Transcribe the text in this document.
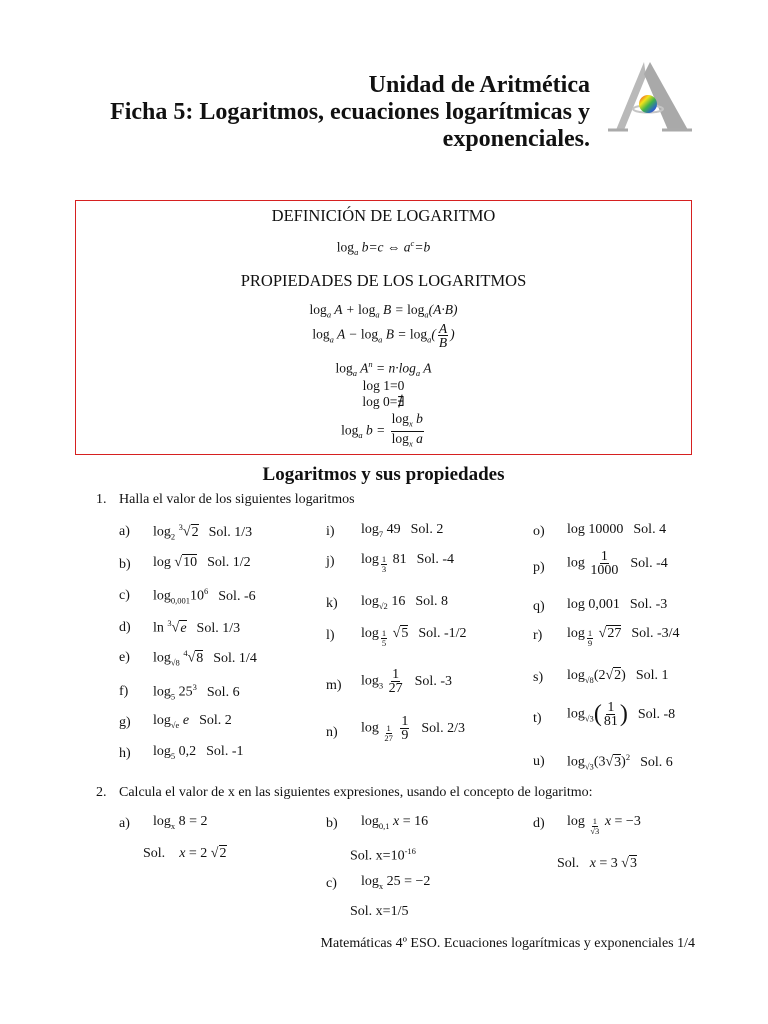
Unidad de Aritmética
Ficha 5: Logaritmos, ecuaciones logarítmicas y
exponenciales.
DEFINICIÓN DE LOGARITMO
$\log_a b=c$ ⇔ $a^c=b$
PROPIEDADES DE LOS LOGARITMOS
$\log_a A + \log_a B = \log_a(A\cdot B)$
$\log_a A - \log_a B = \log_a( \frac{A}{B}$ )
$\log_a A^n = n\cdot\log_a$ A
log 1=0
log 0=∄
$\log_a b = \frac{\log_x b}{\log_x a}$
Logaritmos y sus propiedades
1. Halla el valor de los siguientes logaritmos
a) $\log_2 ^3√2$ Sol. 1/3
b) log √10 Sol. 1/2
c) $\log_{0,001}10^6$ Sol. -6
d) ln $^3$√e Sol. 1/3
e) $\log_{√8} ^4√8$ Sol. 1/4
f) $\log_5 25^3$ Sol. 6
g) $\log_{√e} e$ Sol. 2
h) $\log_5 0,2$ Sol. -1
i) $\log_7 49$ Sol. 2
j) log $_{\frac{1}{3}}$ 81 Sol. -4
k) $\log_{√2} 16$ Sol. 8
l) log $_{\frac{1}{5}}$ √5 Sol. -1/2
m) $\log_3 \frac{1}{27}$ Sol. -3
n) log $_{\frac{1}{27}}$
$\frac{1}{9}$ Sol. 2/3
o) log 10000 Sol. 4
p) $\log \frac{1}{1000}$ Sol. -4
q) log 0,001 Sol. -3
r) log $_{\frac{1}{9}}$ √27 Sol. -3/4
s) $\log_{√8}(2√2)$ Sol. 1
t) $\log_{√3}( \frac{1}{81}$ ) Sol. -8
u) $\log_{√3}(3√3)^2$ Sol. 6
2. Calcula el valor de x en las siguientes expresiones, usando el concepto de logaritmo:
a) $\log_x 8 = 2$
Sol. x = 2 √2
b) $\log_{0,1} x = 16$
Sol. $x=10^{-16}$
c) $\log_x 25 = -2$
Sol. x=1/5
d) log $_{\frac{1}{√3}}$ x = −3
Sol. x = 3 √3
Matemáticas 4º ESO. Ecuaciones logarítmicas y exponenciales 1/4
